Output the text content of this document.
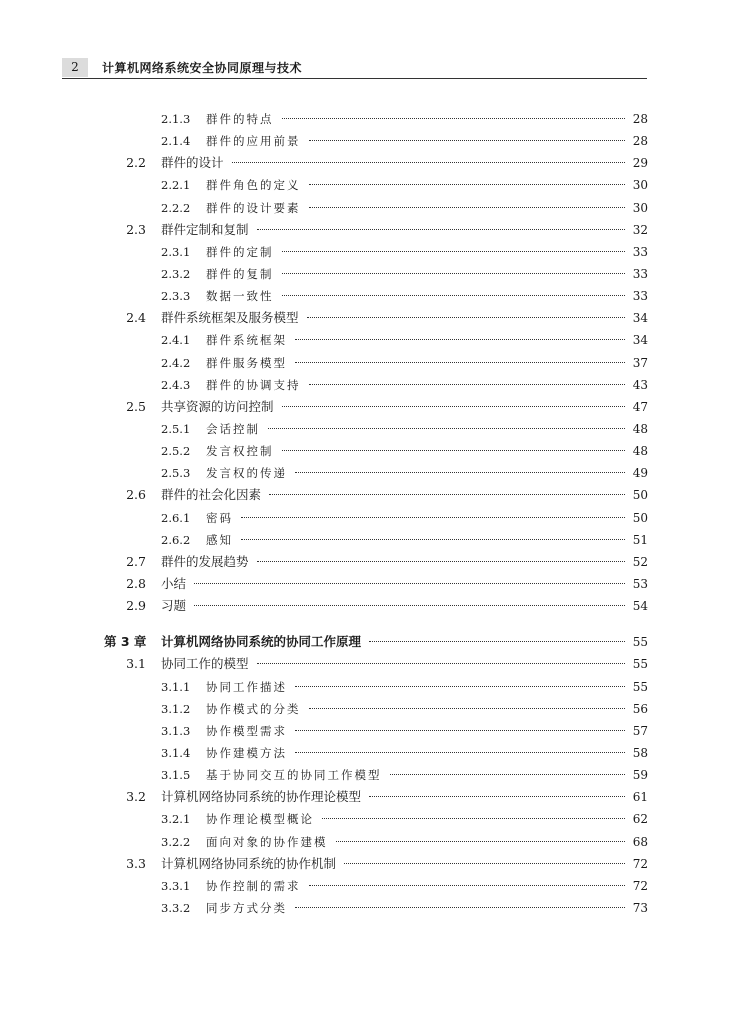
2	计算机网络系统安全协同原理与技术
2.1.3 群件的特点	28
2.1.4 群件的应用前景	28
2.2 群件的设计	29
2.2.1 群件角色的定义	30
2.2.2 群件的设计要素	30
2.3 群件定制和复制	32
2.3.1 群件的定制	33
2.3.2 群件的复制	33
2.3.3 数据一致性	33
2.4 群件系统框架及服务模型	34
2.4.1 群件系统框架	34
2.4.2 群件服务模型	37
2.4.3 群件的协调支持	43
2.5 共享资源的访问控制	47
2.5.1 会话控制	48
2.5.2 发言权控制	48
2.5.3 发言权的传递	49
2.6 群件的社会化因素	50
2.6.1 密码	50
2.6.2 感知	51
2.7 群件的发展趋势	52
2.8 小结	53
2.9 习题	54
第 3 章 计算机网络协同系统的协同工作原理	55
3.1 协同工作的模型	55
3.1.1 协同工作描述	55
3.1.2 协作模式的分类	56
3.1.3 协作模型需求	57
3.1.4 协作建模方法	58
3.1.5 基于协同交互的协同工作模型	59
3.2 计算机网络协同系统的协作理论模型	61
3.2.1 协作理论模型概论	62
3.2.2 面向对象的协作建模	68
3.3 计算机网络协同系统的协作机制	72
3.3.1 协作控制的需求	72
3.3.2 同步方式分类	73
